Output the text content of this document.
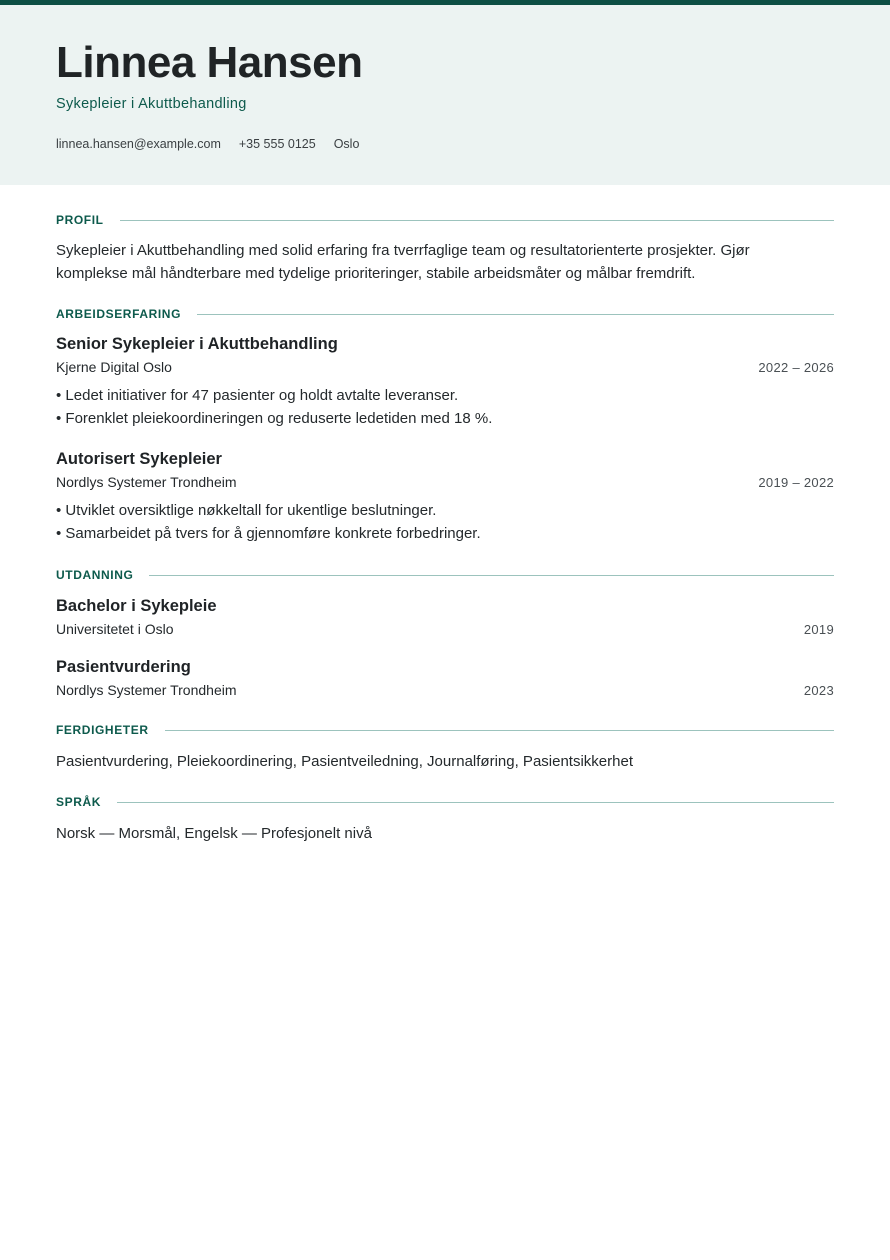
Linnea Hansen
Sykepleier i Akuttbehandling
linnea.hansen@example.com +35 555 0125 Oslo
PROFIL
Sykepleier i Akuttbehandling med solid erfaring fra tverrfaglige team og resultatorienterte prosjekter. Gjør
komplekse mål håndterbare med tydelige prioriteringer, stabile arbeidsmåter og målbar fremdrift.
ARBEIDSERFARING
Senior Sykepleier i Akuttbehandling
Kjerne Digital Oslo	2022 – 2026
• Ledet initiativer for 47 pasienter og holdt avtalte leveranser.
• Forenklet pleiekoordineringen og reduserte ledetiden med 18 %.
Autorisert Sykepleier
Nordlys Systemer Trondheim	2019 – 2022
• Utviklet oversiktlige nøkkeltall for ukentlige beslutninger.
• Samarbeidet på tvers for å gjennomføre konkrete forbedringer.
UTDANNING
Bachelor i Sykepleie
Universitetet i Oslo	2019
Pasientvurdering
Nordlys Systemer Trondheim	2023
FERDIGHETER
Pasientvurdering, Pleiekoordinering, Pasientveiledning, Journalføring, Pasientsikkerhet
SPRÅK
Norsk — Morsmål, Engelsk — Profesjonelt nivå
